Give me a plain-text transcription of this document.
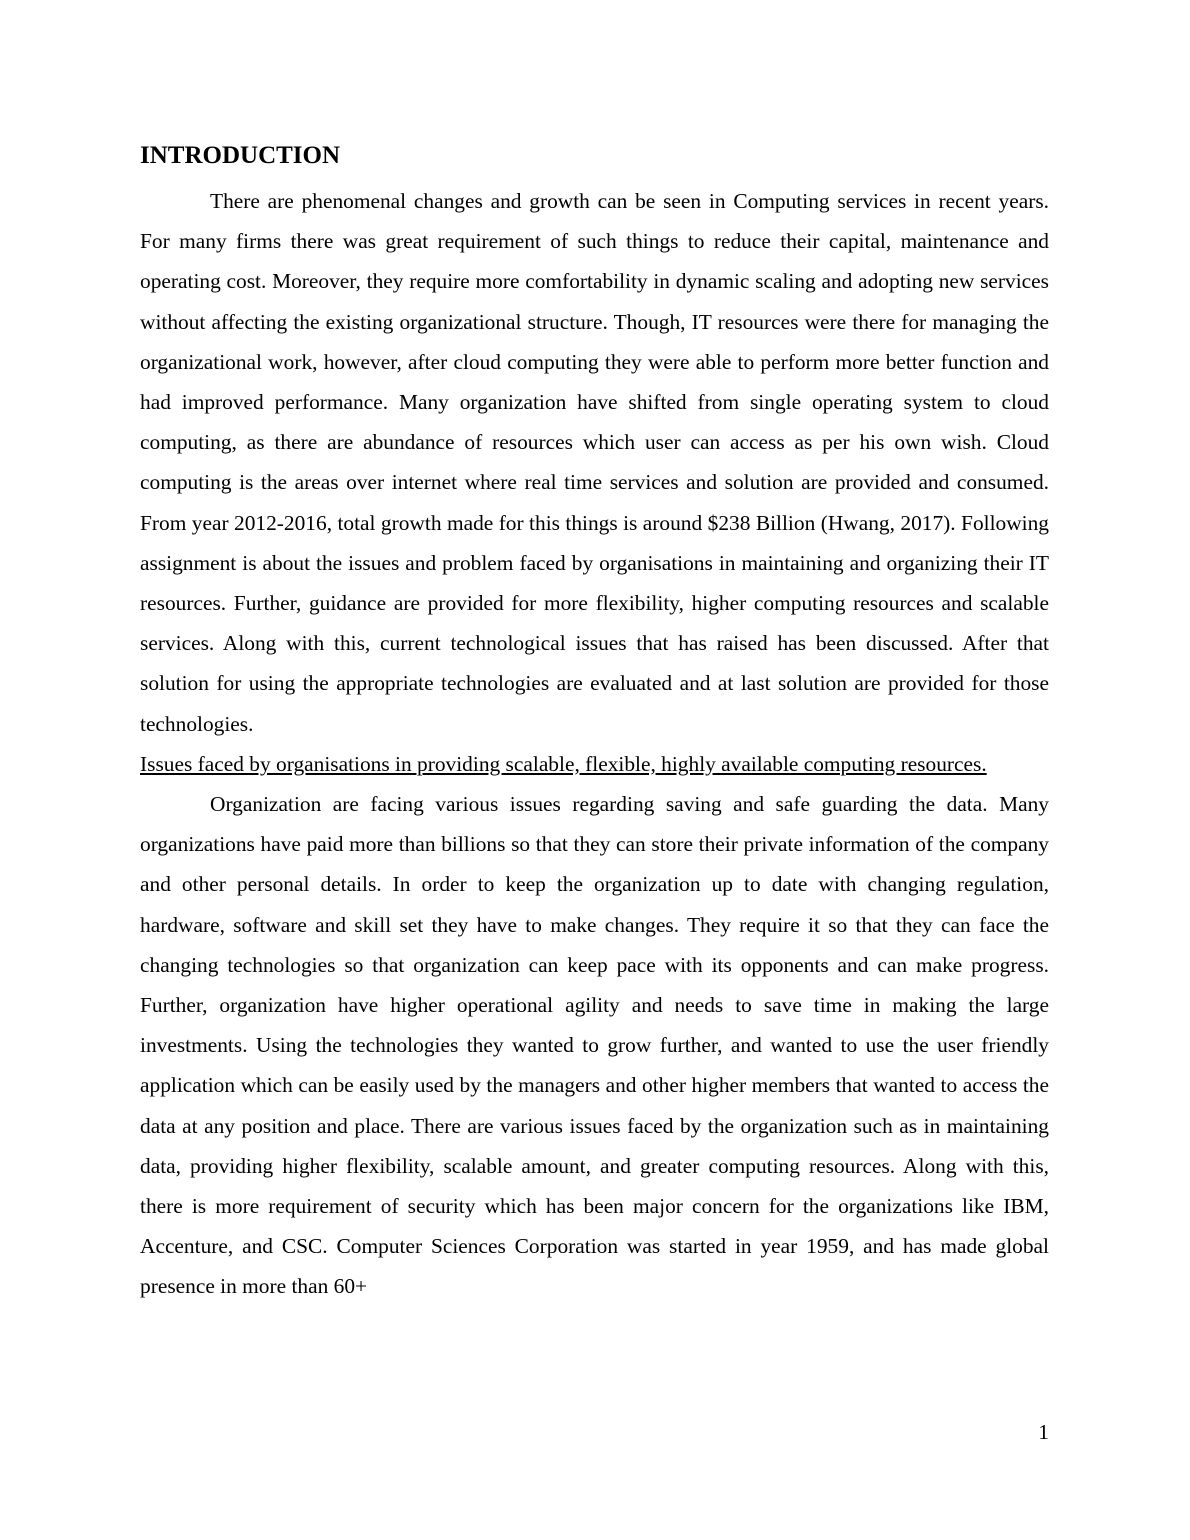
INTRODUCTION

There are phenomenal changes and growth can be seen in Computing services in recent years. For many firms there was great requirement of such things to reduce their capital, maintenance and operating cost. Moreover, they require more comfortability in dynamic scaling and adopting new services without affecting the existing organizational structure. Though, IT resources were there for managing the organizational work, however, after cloud computing they were able to perform more better function and had improved performance. Many organization have shifted from single operating system to cloud computing, as there are abundance of resources which user can access as per his own wish. Cloud computing is the areas over internet where real time services and solution are provided and consumed. From year 2012-2016, total growth made for this things is around $238 Billion (Hwang, 2017). Following assignment is about the issues and problem faced by organisations in maintaining and organizing their IT resources. Further, guidance are provided for more flexibility, higher computing resources and scalable services. Along with this, current technological issues that has raised has been discussed. After that solution for using the appropriate technologies are evaluated and at last solution are provided for those technologies.

Issues faced by organisations in providing scalable, flexible, highly available computing resources.

Organization are facing various issues regarding saving and safe guarding the data. Many organizations have paid more than billions so that they can store their private information of the company and other personal details. In order to keep the organization up to date with changing regulation, hardware, software and skill set they have to make changes. They require it so that they can face the changing technologies so that organization can keep pace with its opponents and can make progress. Further, organization have higher operational agility and needs to save time in making the large investments. Using the technologies they wanted to grow further, and wanted to use the user friendly application which can be easily used by the managers and other higher members that wanted to access the data at any position and place. There are various issues faced by the organization such as in maintaining data, providing higher flexibility, scalable amount, and greater computing resources. Along with this, there is more requirement of security which has been major concern for the organizations like IBM, Accenture, and CSC. Computer Sciences Corporation was started in year 1959, and has made global presence in more than 60+

1
